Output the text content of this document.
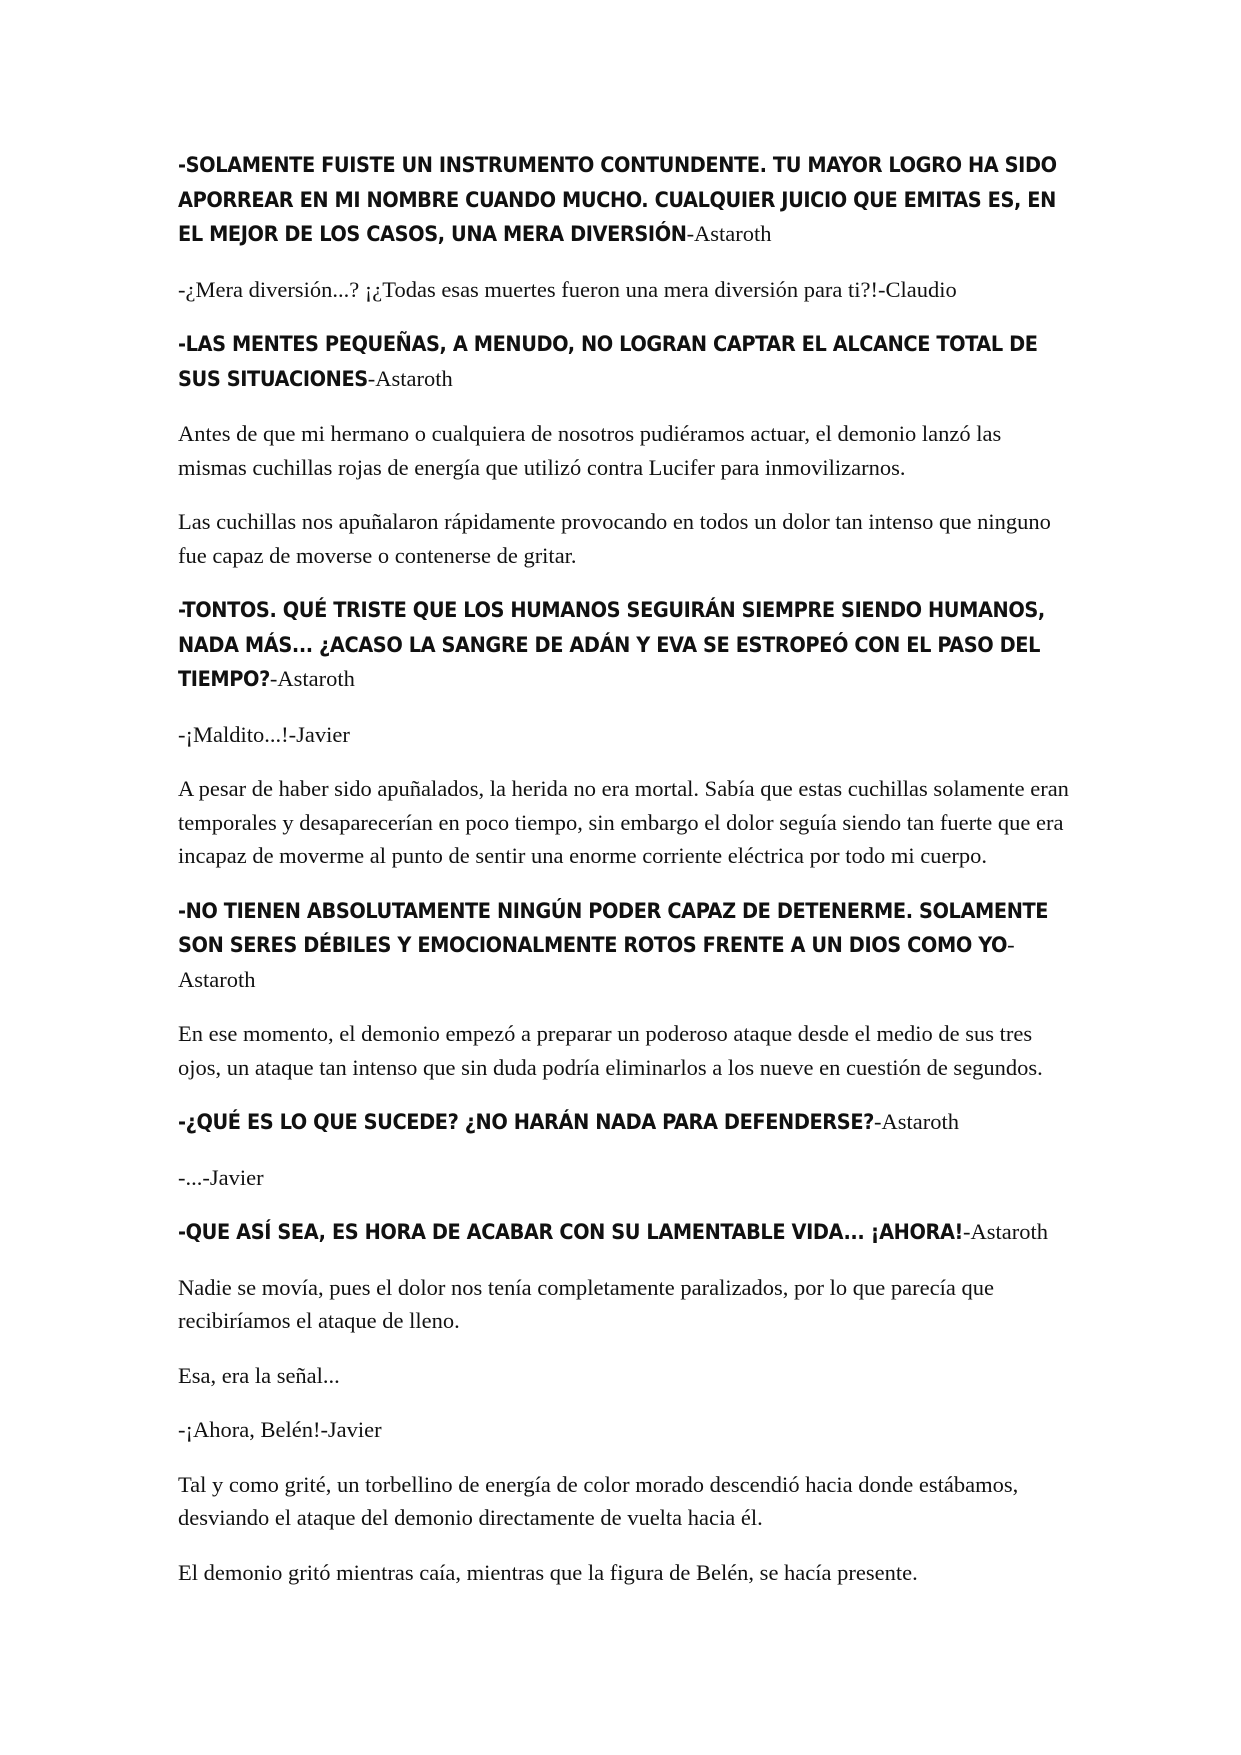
-SOLAMENTE FUISTE UN INSTRUMENTO CONTUNDENTE. TU MAYOR LOGRO HA SIDO APORREAR EN MI NOMBRE CUANDO MUCHO. CUALQUIER JUICIO QUE EMITAS ES, EN EL MEJOR DE LOS CASOS, UNA MERA DIVERSIÓN-Astaroth

-¿Mera diversión...? ¡¿Todas esas muertes fueron una mera diversión para ti?!-Claudio

-LAS MENTES PEQUEÑAS, A MENUDO, NO LOGRAN CAPTAR EL ALCANCE TOTAL DE SUS SITUACIONES-Astaroth

Antes de que mi hermano o cualquiera de nosotros pudiéramos actuar, el demonio lanzó las mismas cuchillas rojas de energía que utilizó contra Lucifer para inmovilizarnos.

Las cuchillas nos apuñalaron rápidamente provocando en todos un dolor tan intenso que ninguno fue capaz de moverse o contenerse de gritar.

-TONTOS. QUÉ TRISTE QUE LOS HUMANOS SEGUIRÁN SIEMPRE SIENDO HUMANOS, NADA MÁS... ¿ACASO LA SANGRE DE ADÁN Y EVA SE ESTROPEÓ CON EL PASO DEL TIEMPO?-Astaroth

-¡Maldito...!-Javier

A pesar de haber sido apuñalados, la herida no era mortal. Sabía que estas cuchillas solamente eran temporales y desaparecerían en poco tiempo, sin embargo el dolor seguía siendo tan fuerte que era incapaz de moverme al punto de sentir una enorme corriente eléctrica por todo mi cuerpo.

-NO TIENEN ABSOLUTAMENTE NINGÚN PODER CAPAZ DE DETENERME. SOLAMENTE SON SERES DÉBILES Y EMOCIONALMENTE ROTOS FRENTE A UN DIOS COMO YO-Astaroth

En ese momento, el demonio empezó a preparar un poderoso ataque desde el medio de sus tres ojos, un ataque tan intenso que sin duda podría eliminarlos a los nueve en cuestión de segundos.

-¿QUÉ ES LO QUE SUCEDE? ¿NO HARÁN NADA PARA DEFENDERSE?-Astaroth

-...-Javier

-QUE ASÍ SEA, ES HORA DE ACABAR CON SU LAMENTABLE VIDA... ¡AHORA!-Astaroth

Nadie se movía, pues el dolor nos tenía completamente paralizados, por lo que parecía que recibiríamos el ataque de lleno.

Esa, era la señal...

-¡Ahora, Belén!-Javier

Tal y como grité, un torbellino de energía de color morado descendió hacia donde estábamos, desviando el ataque del demonio directamente de vuelta hacia él.

El demonio gritó mientras caía, mientras que la figura de Belén, se hacía presente.
